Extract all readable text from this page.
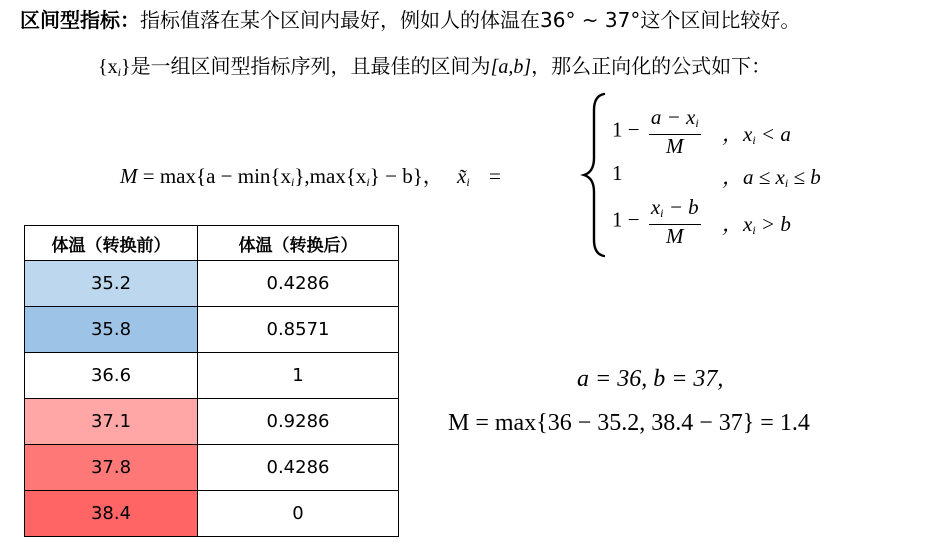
区间型指标：指标值落在某个区间内最好，例如人的体温在36° ~ 37°这个区间比较好。
$\{x_i\}$是一组区间型指标序列，且最佳的区间为[a,b]，那么正向化的公式如下：
$M = \max\{a - \min\{x_i\},\max\{x_i\} - b\}$， $x̃_i$ =
$1 - \frac{a - x_i}{M}$ ，$x_i < a$
1	，$a \le x_i \le b$
$1 - \frac{x_i - b}{M}$ ，$x_i > b$
体温（转换前）	体温（转换后）
35.2	0.4286
35.8	0.8571
36.6	1
37.1	0.9286
37.8	0.4286
38.4	0
a = 36, b = 37,
M = max{36 − 35.2, 38.4 − 37} = 1.4
